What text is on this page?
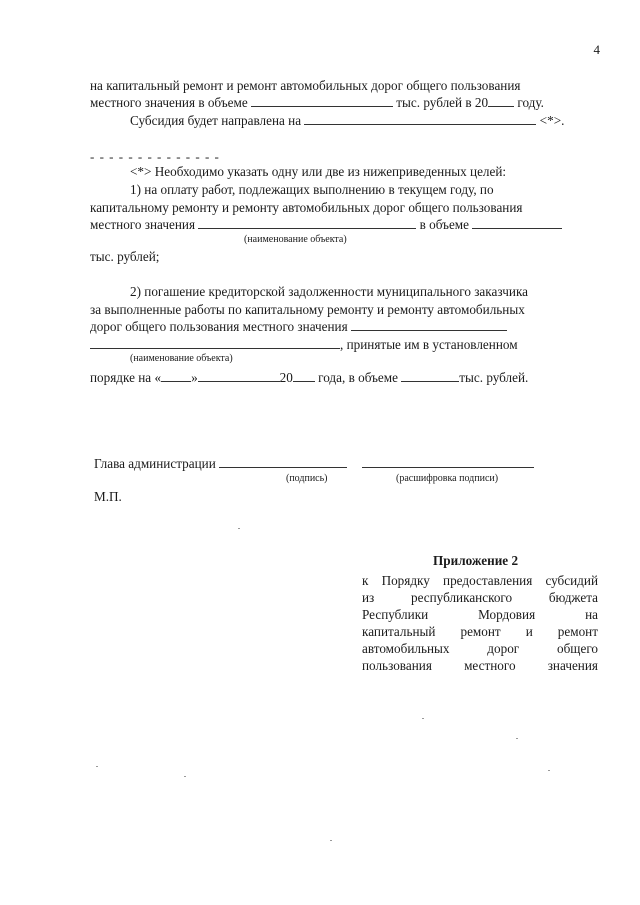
4
на капитальный ремонт и ремонт автомобильных дорог общего пользования
местного значения в объеме	тыс. рублей в 20 году.
Субсидия будет направлена на	<*>.
- - - - - - - - - - - - - -
<*> Необходимо указать одну или две из нижеприведенных целей:
1) на оплату работ, подлежащих выполнению в текущем году, по
капитальному ремонту и ремонту автомобильных дорог общего пользования
местного значения	в объеме
(наименование объекта)
тыс. рублей;
2) погашение кредиторской задолженности муниципального заказчика
за выполненные работы по капитальному ремонту и ремонту автомобильных
дорог общего пользования местного значения
, принятые им в установленном
(наименование объекта)
порядке на « »	20 года, в объеме	тыс. рублей.
Глава администрации
(подпись)	(расшифровка подписи)
М.П.
Приложение 2
к Порядку предоставления субсидий
из республиканского бюджета
Республики Мордовия на
капитальный ремонт и ремонт
автомобильных дорог общего
пользования местного значения
